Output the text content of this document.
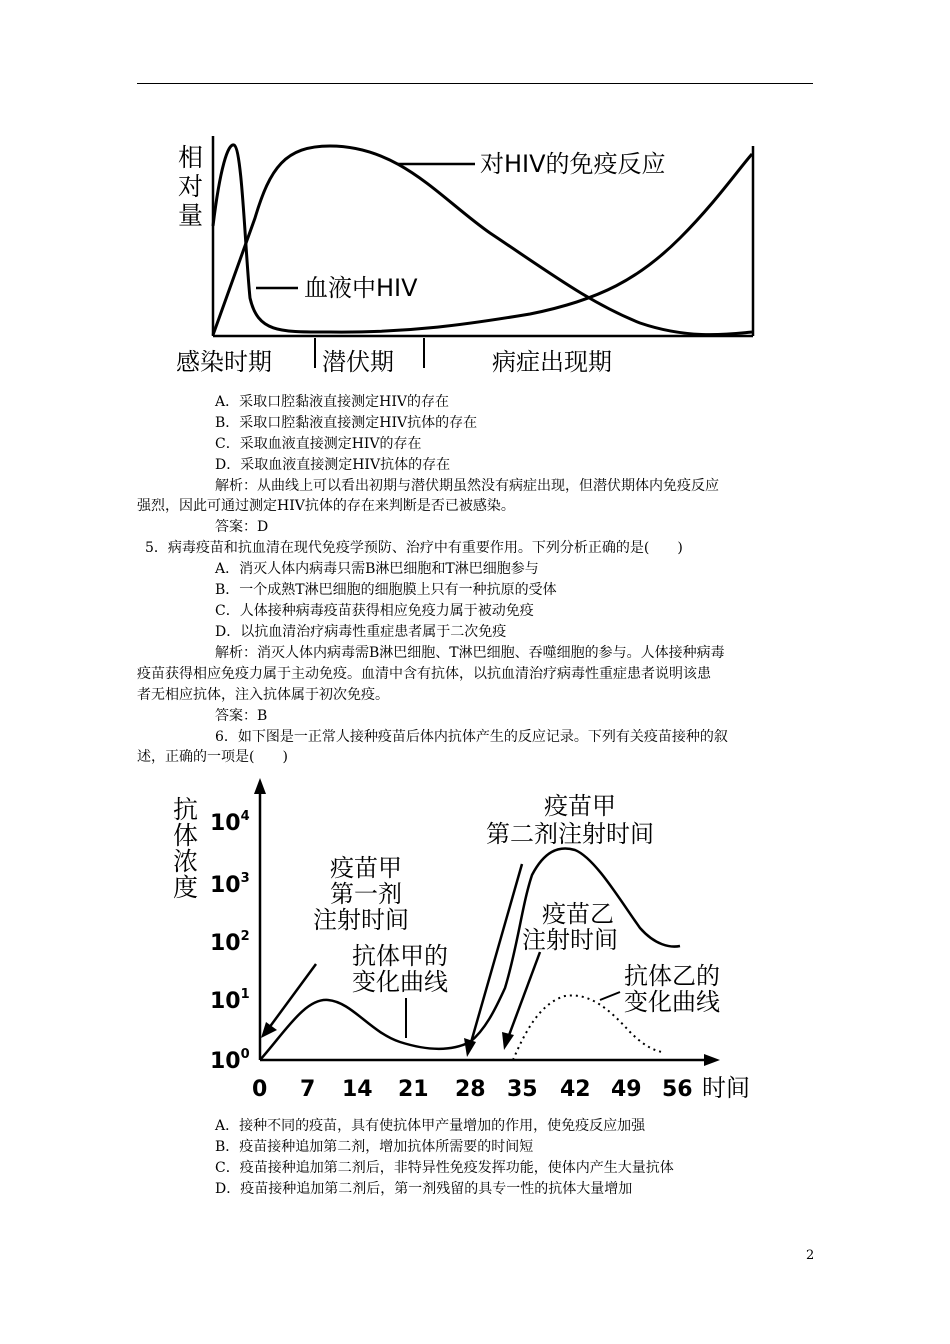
相
对
量
对HIV的免疫反应
血液中HIV
感染时期 潜伏期	病症出现期
A．采取口腔黏液直接测定HIV的存在
B．采取口腔黏液直接测定HIV抗体的存在
C．采取血液直接测定HIV的存在
D．采取血液直接测定HIV抗体的存在
解析：从曲线上可以看出初期与潜伏期虽然没有病症出现，但潜伏期体内免疫反应
强烈，因此可通过测定HIV抗体的存在来判断是否已被感染。
答案：D
5．病毒疫苗和抗血清在现代免疫学预防、治疗中有重要作用。下列分析正确的是(　　)
A．消灭人体内病毒只需B淋巴细胞和T淋巴细胞参与
B．一个成熟T淋巴细胞的细胞膜上只有一种抗原的受体
C．人体接种病毒疫苗获得相应免疫力属于被动免疫
D．以抗血清治疗病毒性重症患者属于二次免疫
解析：消灭人体内病毒需B淋巴细胞、T淋巴细胞、吞噬细胞的参与。人体接种病毒
疫苗获得相应免疫力属于主动免疫。血清中含有抗体，以抗血清治疗病毒性重症患者说明该患
者无相应抗体，注入抗体属于初次免疫。
答案：B
6．如下图是一正常人接种疫苗后体内抗体产生的反应记录。下列有关疫苗接种的叙
述，正确的一项是(　　)
抗
体
浓
度
$10^4$
$10^3$
$10^2$
$10^1$
$10^0$
0 7 14 21 28 35 42 49 56 时间
疫苗甲
第一剂
注射时间
抗体甲的
变化曲线
疫苗甲
第二剂注射时间
疫苗乙
注射时间
抗体乙的
变化曲线
A．接种不同的疫苗，具有使抗体甲产量增加的作用，使免疫反应加强
B．疫苗接种追加第二剂，增加抗体所需要的时间短
C．疫苗接种追加第二剂后，非特异性免疫发挥功能，使体内产生大量抗体
D．疫苗接种追加第二剂后，第一剂残留的具专一性的抗体大量增加
2
